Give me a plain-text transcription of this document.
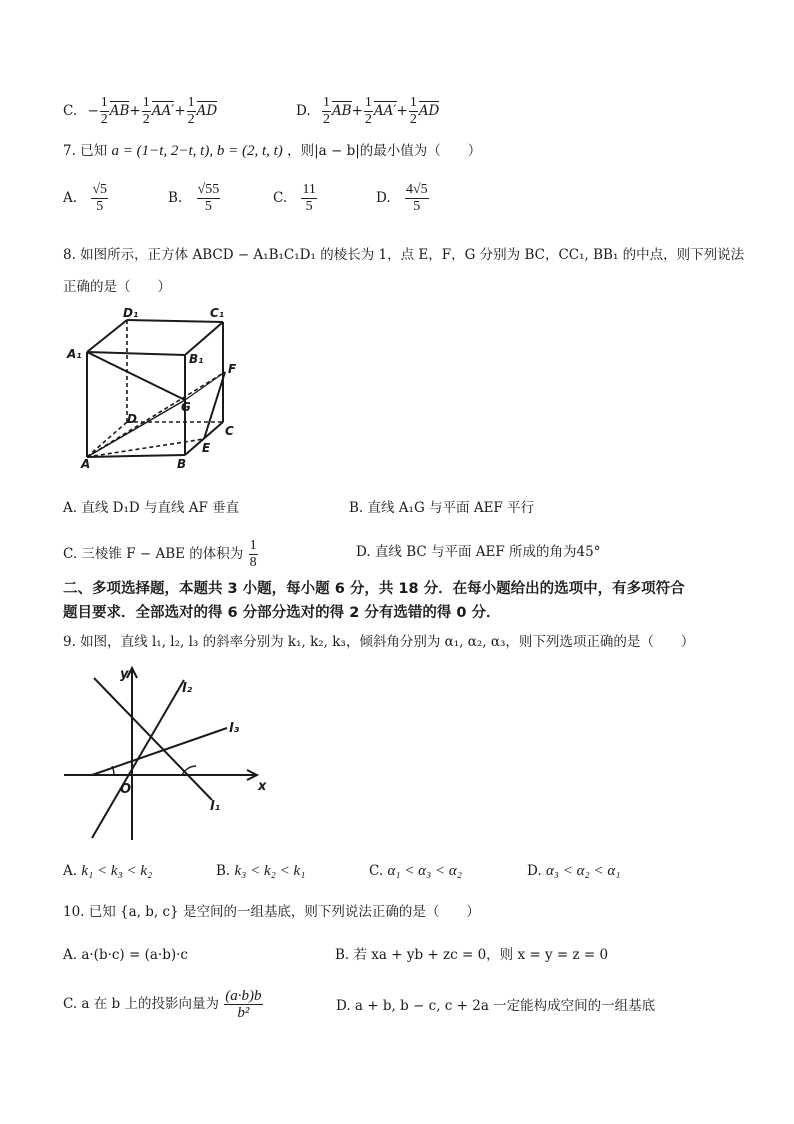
C. − $\frac{1}{2} AB+ \frac{1}{2} AA'+ \frac{1}{2}$ AD	D. $\frac{1}{2} AB+ \frac{1}{2} AA'+ \frac{1}{2}$ AD
7. 已知 a = (1−t, 2−t, t), b = (2, t, t) ，则|a − b|的最小值为（　　）
A. $\frac{√5}{5}$	B. $\frac{√55}{5}$	C. $\frac{11}{5}$	D. $\frac{4√5}{5}$
8. 如图所示，正方体 ABCD − A₁B₁C₁D₁ 的棱长为 1，点 E，F，G 分别为 BC，CC₁, BB₁ 的中点，则下列说法
正确的是（　　）
D₁	C₁
A₁	B₁
F
G
D
C
E
A	B
A. 直线 D₁D 与直线 AF 垂直	B. 直线 A₁G 与平面 AEF 平行
C. 三棱锥 F − ABE 的体积为 $\frac{1}{8}$	D. 直线 BC 与平面 AEF 所成的角为45°
二、多项选择题，本题共 3 小题，每小题 6 分，共 18 分．在每小题给出的选项中，有多项符合
题目要求．全部选对的得 6 分部分选对的得 2 分有选错的得 0 分．
9. 如图，直线 l₁, l₂, l₃ 的斜率分别为 k₁, k₂, k₃，倾斜角分别为 α₁, α₂, α₃，则下列选项正确的是（　　）
y
x
O
l₁
l₂
l₃
A. k₁ < k₃ < k₂	B. k₃ < k₂ < k₁	C. α₁ < α₃ < α₂	D. α₃ < α₂ < α₁
10. 已知 {a, b, c} 是空间的一组基底，则下列说法正确的是（　　）
A. a·(b·c) = (a·b)·c	B. 若 xa + yb + zc = 0，则 x = y = z = 0
C. a 在 b 上的投影向量为 $\frac{(a\cdot b)b}{\text{b²}}$	D. a + b, b − c, c + 2a 一定能构成空间的一组基底
